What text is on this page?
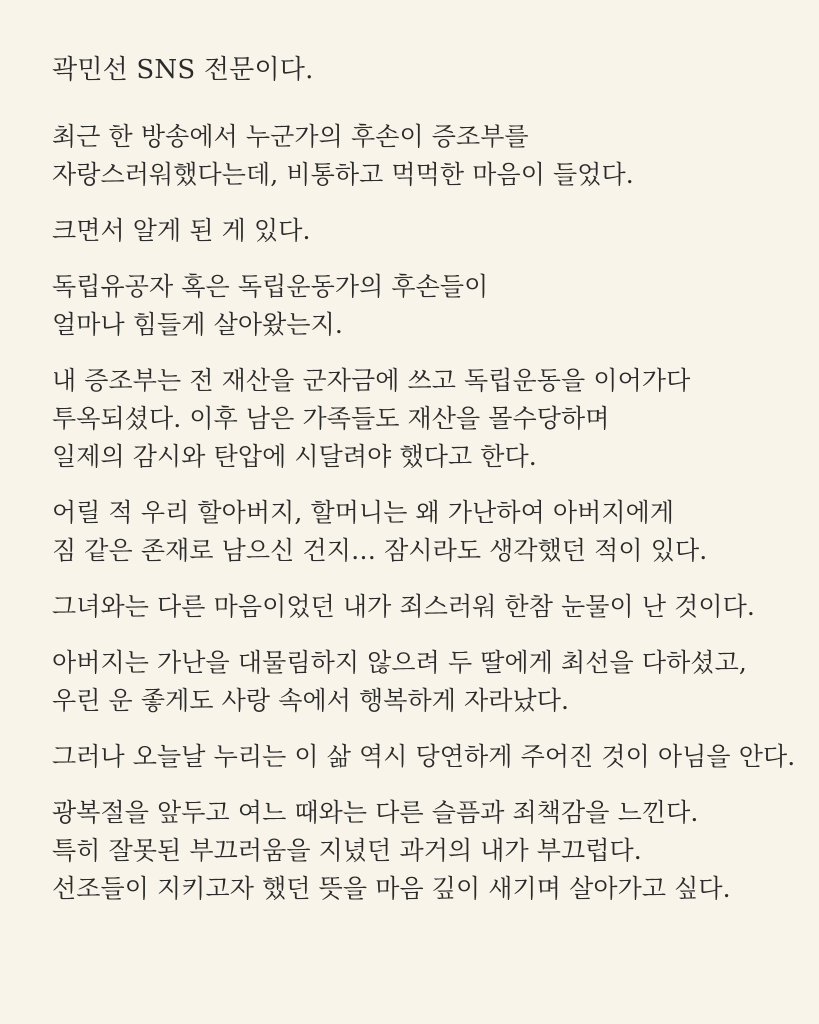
곽민선 SNS 전문이다.
최근 한 방송에서 누군가의 후손이 증조부를
자랑스러워했다는데, 비통하고 먹먹한 마음이 들었다.
크면서 알게 된 게 있다.
독립유공자 혹은 독립운동가의 후손들이
얼마나 힘들게 살아왔는지.
내 증조부는 전 재산을 군자금에 쓰고 독립운동을 이어가다
투옥되셨다. 이후 남은 가족들도 재산을 몰수당하며
일제의 감시와 탄압에 시달려야 했다고 한다.
어릴 적 우리 할아버지, 할머니는 왜 가난하여 아버지에게
짐 같은 존재로 남으신 건지… 잠시라도 생각했던 적이 있다.
그녀와는 다른 마음이었던 내가 죄스러워 한참 눈물이 난 것이다.
아버지는 가난을 대물림하지 않으려 두 딸에게 최선을 다하셨고,
우린 운 좋게도 사랑 속에서 행복하게 자라났다.
그러나 오늘날 누리는 이 삶 역시 당연하게 주어진 것이 아님을 안다.
광복절을 앞두고 여느 때와는 다른 슬픔과 죄책감을 느낀다.
특히 잘못된 부끄러움을 지녔던 과거의 내가 부끄럽다.
선조들이 지키고자 했던 뜻을 마음 깊이 새기며 살아가고 싶다.
